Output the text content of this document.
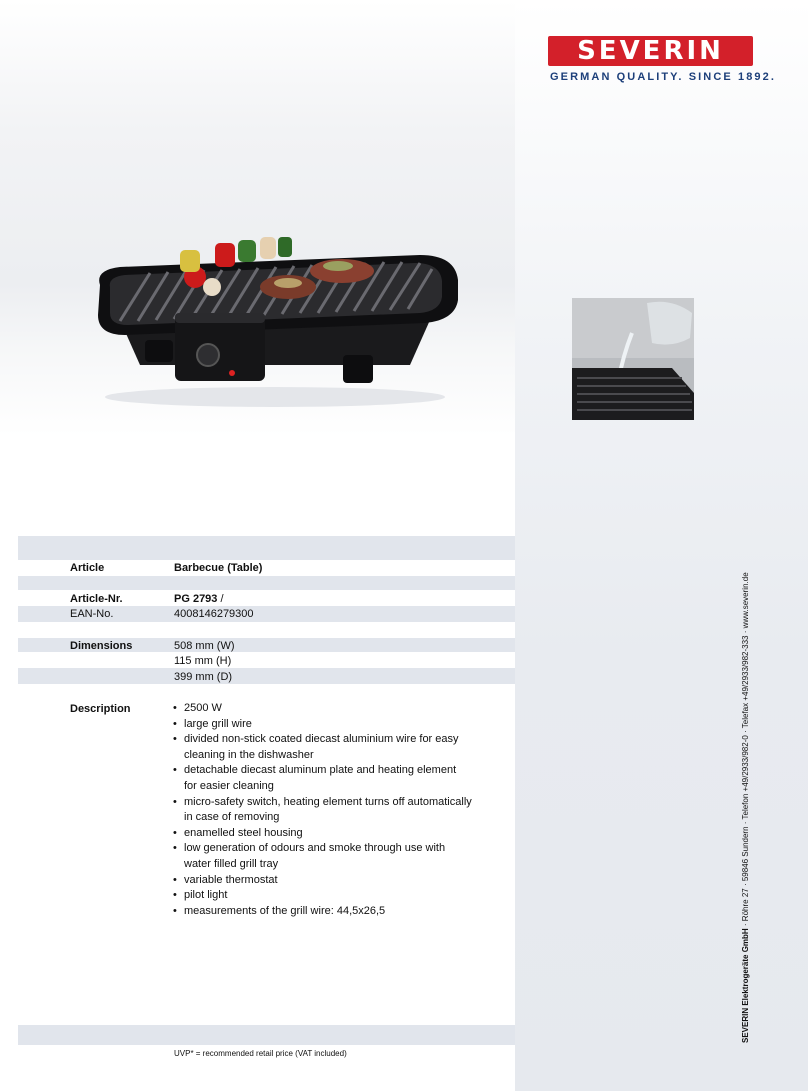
SEVERIN
GERMAN QUALITY. SINCE 1892.
Article	Barbecue (Table)
Article-Nr.	PG 2793 /
EAN-No.	4008146279300
Dimensions	508 mm (W)
115 mm (H)
399 mm (D)
Description
•	2500 W
• large grill wire
• divided non-stick coated diecast aluminium wire for easy cleaning in the dishwasher
• detachable diecast aluminum plate and heating element for easier cleaning
• micro-safety switch, heating element turns off automatically in case of removing
• enamelled steel housing
• low generation of odours and smoke through use with water filled grill tray
• variable thermostat
• pilot light
• measurements of the grill wire: 44,5x26,5
UVP* = recommended retail price (VAT included)
SEVERIN Elektrogeräte GmbH · Röhre 27 · 59846 Sundern · Telefon +49/2933/982-0 · Telefax +49/2933/982-333 · www.severin.de
